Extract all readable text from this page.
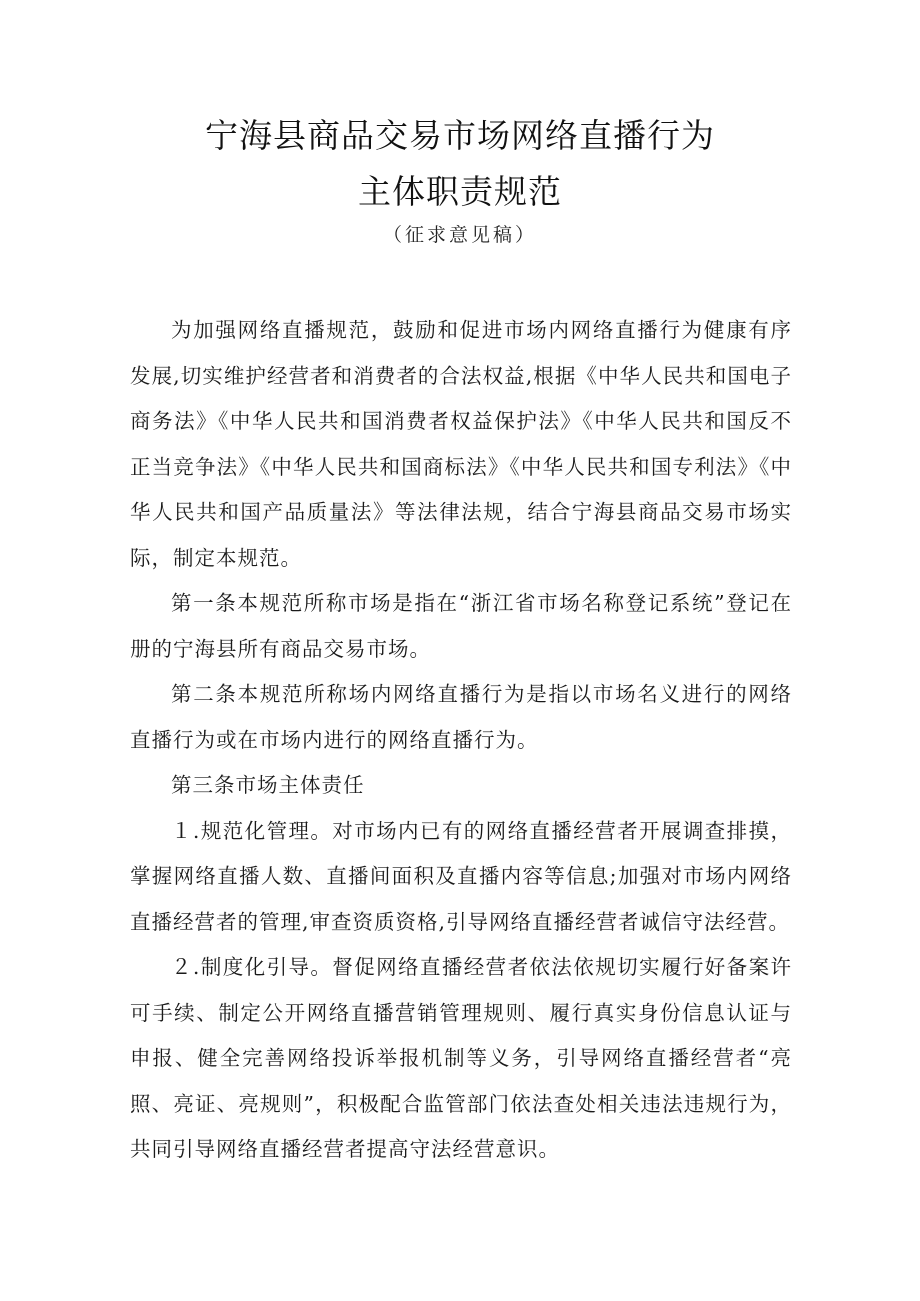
宁海县商品交易市场网络直播行为
主体职责规范
（征求意见稿）

为加强网络直播规范，鼓励和促进市场内网络直播行为健康有序发展,切实维护经营者和消费者的合法权益,根据《中华人民共和国电子商务法》《中华人民共和国消费者权益保护法》《中华人民共和国反不正当竞争法》《中华人民共和国商标法》《中华人民共和国专利法》《中华人民共和国产品质量法》等法律法规，结合宁海县商品交易市场实际，制定本规范。

第一条本规范所称市场是指在“浙江省市场名称登记系统”登记在册的宁海县所有商品交易市场。

第二条本规范所称场内网络直播行为是指以市场名义进行的网络直播行为或在市场内进行的网络直播行为。

第三条市场主体责任

１.规范化管理。对市场内已有的网络直播经营者开展调查排摸，掌握网络直播人数、直播间面积及直播内容等信息;加强对市场内网络直播经营者的管理,审查资质资格,引导网络直播经营者诚信守法经营。

２.制度化引导。督促网络直播经营者依法依规切实履行好备案许可手续、制定公开网络直播营销管理规则、履行真实身份信息认证与申报、健全完善网络投诉举报机制等义务，引导网络直播经营者“亮照、亮证、亮规则”，积极配合监管部门依法查处相关违法违规行为，共同引导网络直播经营者提高守法经营意识。
